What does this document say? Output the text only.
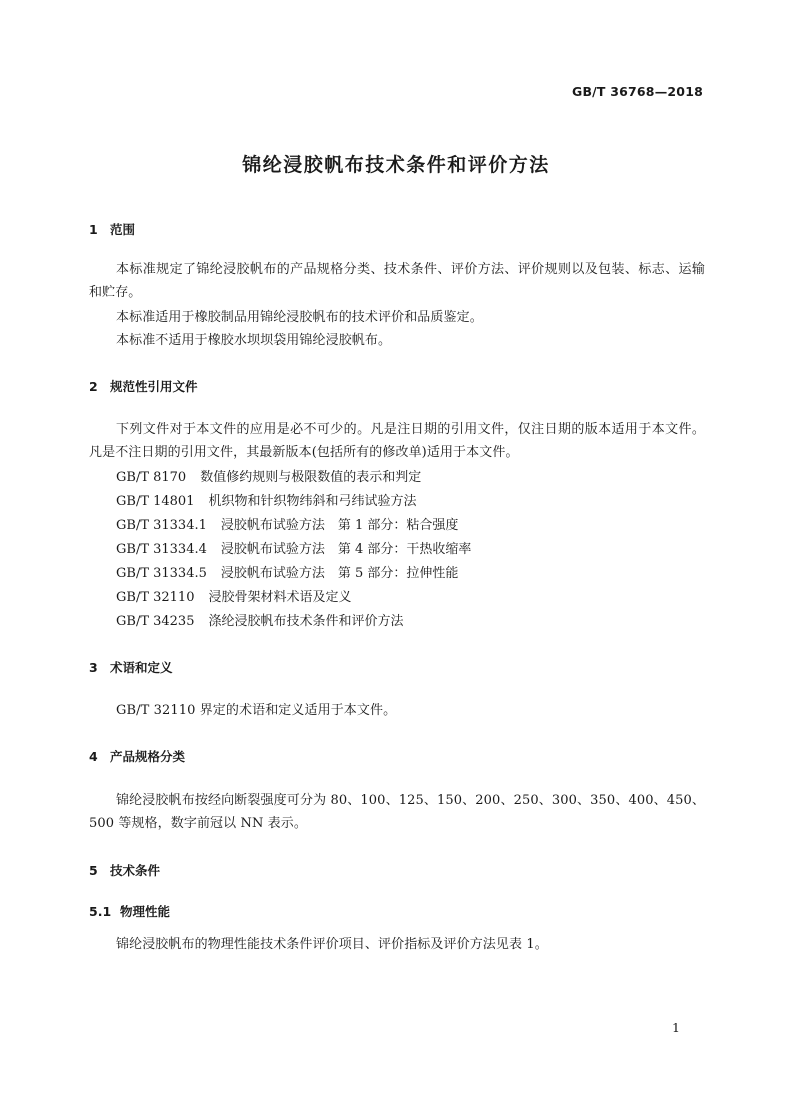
GB/T 36768—2018
锦纶浸胶帆布技术条件和评价方法
1 范围
本标准规定了锦纶浸胶帆布的产品规格分类、技术条件、评价方法、评价规则以及包装、标志、运输和贮存。
本标准适用于橡胶制品用锦纶浸胶帆布的技术评价和品质鉴定。
本标准不适用于橡胶水坝坝袋用锦纶浸胶帆布。
2 规范性引用文件
下列文件对于本文件的应用是必不可少的。凡是注日期的引用文件，仅注日期的版本适用于本文件。凡是不注日期的引用文件，其最新版本(包括所有的修改单)适用于本文件。
GB/T 8170 数值修约规则与极限数值的表示和判定
GB/T 14801 机织物和针织物纬斜和弓纬试验方法
GB/T 31334.1 浸胶帆布试验方法　第 1 部分：粘合强度
GB/T 31334.4 浸胶帆布试验方法　第 4 部分：干热收缩率
GB/T 31334.5 浸胶帆布试验方法　第 5 部分：拉伸性能
GB/T 32110 浸胶骨架材料术语及定义
GB/T 34235 涤纶浸胶帆布技术条件和评价方法
3 术语和定义
GB/T 32110 界定的术语和定义适用于本文件。
4 产品规格分类
锦纶浸胶帆布按经向断裂强度可分为 80、100、125、150、200、250、300、350、400、450、500 等规格，数字前冠以 NN 表示。
5 技术条件
5.1 物理性能
锦纶浸胶帆布的物理性能技术条件评价项目、评价指标及评价方法见表 1。
1
